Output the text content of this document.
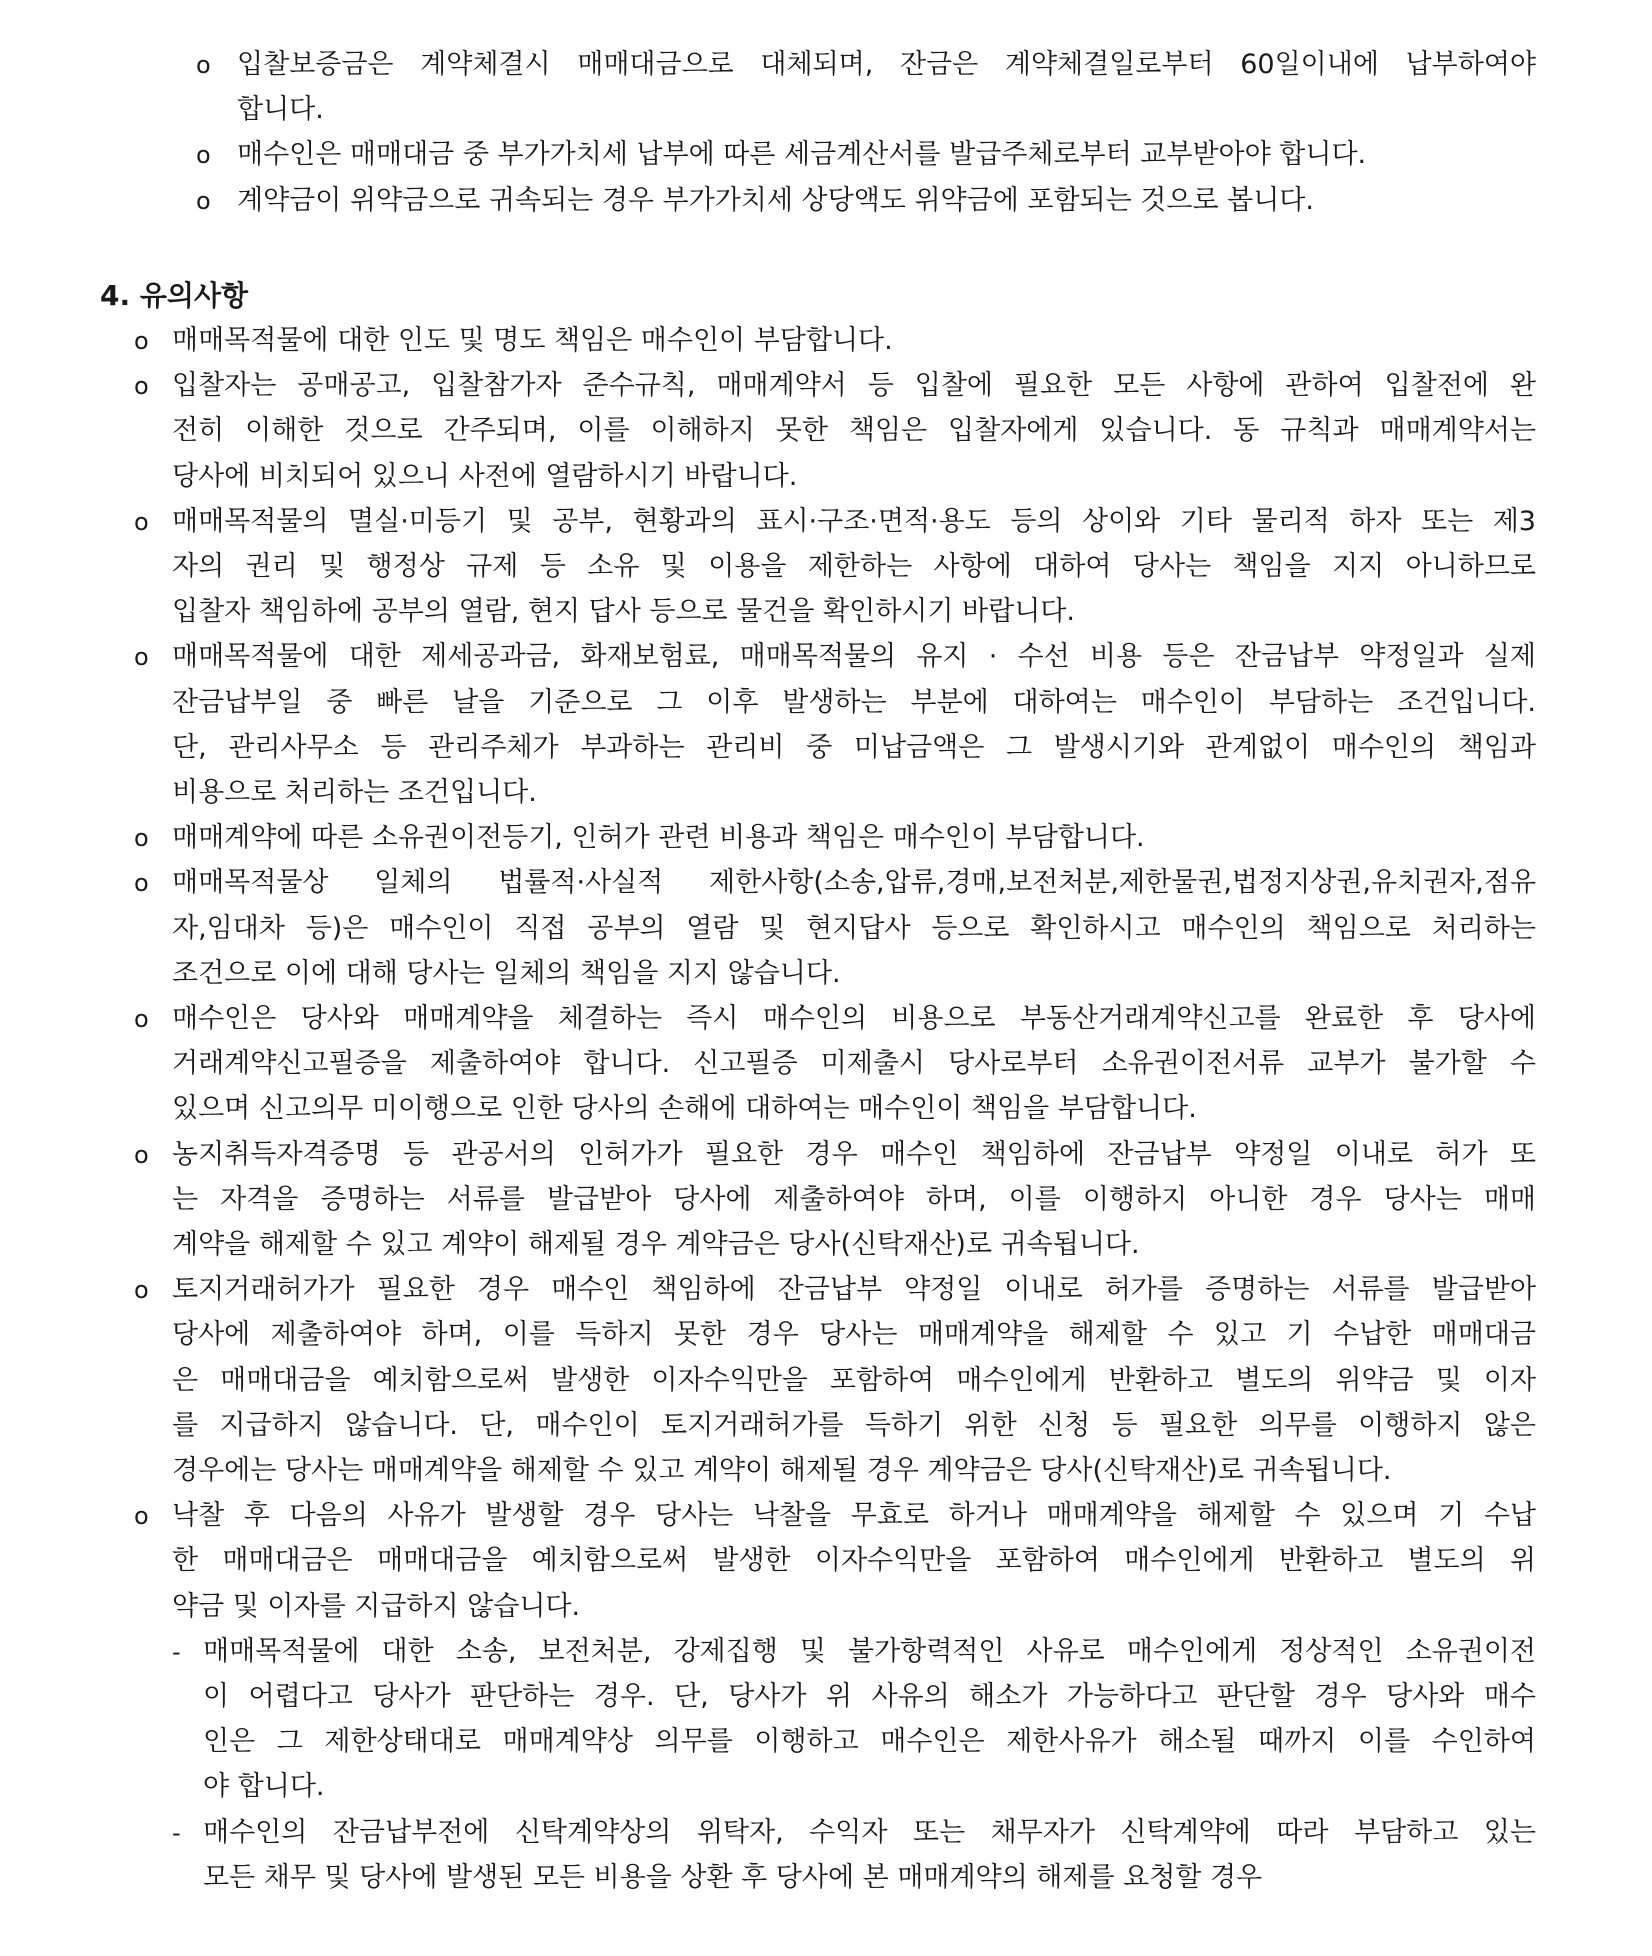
4. 유의사항
o 입찰보증금은 계약체결시 매매대금으로 대체되며, 잔금은 계약체결일로부터 60일이내에 납부하여야
합니다.
o 매수인은 매매대금 중 부가가치세 납부에 따른 세금계산서를 발급주체로부터 교부받아야 합니다.
o 계약금이 위약금으로 귀속되는 경우 부가가치세 상당액도 위약금에 포함되는 것으로 봅니다.
o 매매목적물에 대한 인도 및 명도 책임은 매수인이 부담합니다.
o 입찰자는 공매공고, 입찰참가자 준수규칙, 매매계약서 등 입찰에 필요한 모든 사항에 관하여 입찰전에 완
전히 이해한 것으로 간주되며, 이를 이해하지 못한 책임은 입찰자에게 있습니다. 동 규칙과 매매계약서는
당사에 비치되어 있으니 사전에 열람하시기 바랍니다.
o 매매목적물의 멸실·미등기 및 공부, 현황과의 표시·구조·면적·용도 등의 상이와 기타 물리적 하자 또는 제3
자의 권리 및 행정상 규제 등 소유 및 이용을 제한하는 사항에 대하여 당사는 책임을 지지 아니하므로
입찰자 책임하에 공부의 열람, 현지 답사 등으로 물건을 확인하시기 바랍니다.
o 매매목적물에 대한 제세공과금, 화재보험료, 매매목적물의 유지 · 수선 비용 등은 잔금납부 약정일과 실제
잔금납부일 중 빠른 날을 기준으로 그 이후 발생하는 부분에 대하여는 매수인이 부담하는 조건입니다.
단, 관리사무소 등 관리주체가 부과하는 관리비 중 미납금액은 그 발생시기와 관계없이 매수인의 책임과
비용으로 처리하는 조건입니다.
o 매매계약에 따른 소유권이전등기, 인허가 관련 비용과 책임은 매수인이 부담합니다.
o 매매목적물상 일체의 법률적·사실적 제한사항(소송,압류,경매,보전처분,제한물권,법정지상권,유치권자,점유
자,임대차 등)은 매수인이 직접 공부의 열람 및 현지답사 등으로 확인하시고 매수인의 책임으로 처리하는
조건으로 이에 대해 당사는 일체의 책임을 지지 않습니다.
o 매수인은 당사와 매매계약을 체결하는 즉시 매수인의 비용으로 부동산거래계약신고를 완료한 후 당사에
거래계약신고필증을 제출하여야 합니다. 신고필증 미제출시 당사로부터 소유권이전서류 교부가 불가할 수
있으며 신고의무 미이행으로 인한 당사의 손해에 대하여는 매수인이 책임을 부담합니다.
o 농지취득자격증명 등 관공서의 인허가가 필요한 경우 매수인 책임하에 잔금납부 약정일 이내로 허가 또
는 자격을 증명하는 서류를 발급받아 당사에 제출하여야 하며, 이를 이행하지 아니한 경우 당사는 매매
계약을 해제할 수 있고 계약이 해제될 경우 계약금은 당사(신탁재산)로 귀속됩니다.
o 토지거래허가가 필요한 경우 매수인 책임하에 잔금납부 약정일 이내로 허가를 증명하는 서류를 발급받아
당사에 제출하여야 하며, 이를 득하지 못한 경우 당사는 매매계약을 해제할 수 있고 기 수납한 매매대금
은 매매대금을 예치함으로써 발생한 이자수익만을 포함하여 매수인에게 반환하고 별도의 위약금 및 이자
를 지급하지 않습니다. 단, 매수인이 토지거래허가를 득하기 위한 신청 등 필요한 의무를 이행하지 않은
경우에는 당사는 매매계약을 해제할 수 있고 계약이 해제될 경우 계약금은 당사(신탁재산)로 귀속됩니다.
o 낙찰 후 다음의 사유가 발생할 경우 당사는 낙찰을 무효로 하거나 매매계약을 해제할 수 있으며 기 수납
한 매매대금은 매매대금을 예치함으로써 발생한 이자수익만을 포함하여 매수인에게 반환하고 별도의 위
약금 및 이자를 지급하지 않습니다.
- 매매목적물에 대한 소송, 보전처분, 강제집행 및 불가항력적인 사유로 매수인에게 정상적인 소유권이전
이 어렵다고 당사가 판단하는 경우. 단, 당사가 위 사유의 해소가 가능하다고 판단할 경우 당사와 매수
인은 그 제한상태대로 매매계약상 의무를 이행하고 매수인은 제한사유가 해소될 때까지 이를 수인하여
야 합니다.
- 매수인의 잔금납부전에 신탁계약상의 위탁자, 수익자 또는 채무자가 신탁계약에 따라 부담하고 있는
모든 채무 및 당사에 발생된 모든 비용을 상환 후 당사에 본 매매계약의 해제를 요청할 경우
